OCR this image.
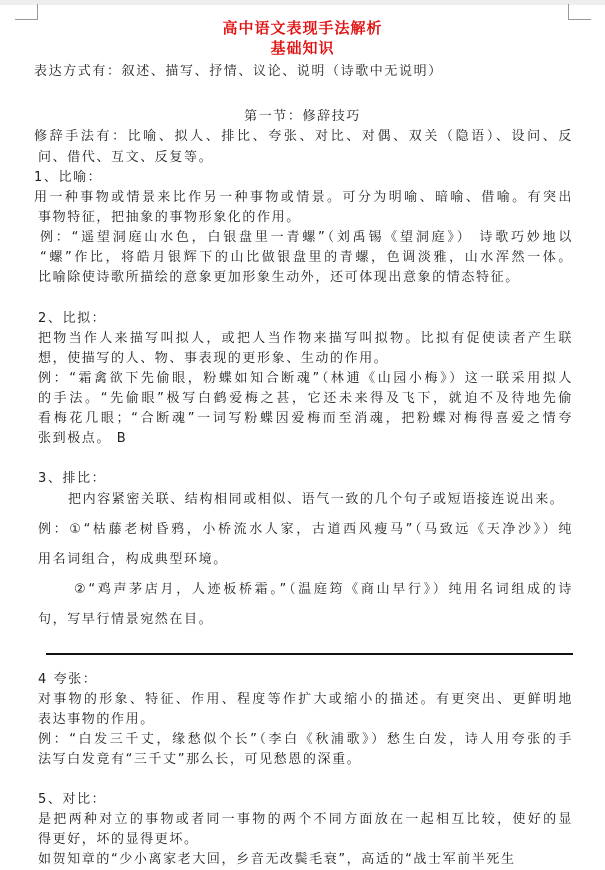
高中语文表现手法解析
基础知识
表达方式有：叙述、描写、抒情、议论、说明（诗歌中无说明）
第一节：修辞技巧
修辞手法有：比喻、拟人、排比、夸张、对比、对偶、双关（隐语）、设问、反
问、借代、互文、反复等。
1、比喻：
用一种事物或情景来比作另一种事物或情景。可分为明喻、暗喻、借喻。有突出
事物特征，把抽象的事物形象化的作用。
例：“遥望洞庭山水色，白银盘里一青螺”（刘禹锡《望洞庭》） 诗歌巧妙地以
“螺”作比，将皓月银辉下的山比做银盘里的青螺，色调淡雅，山水浑然一体。
比喻除使诗歌所描绘的意象更加形象生动外，还可体现出意象的情态特征。
2、比拟：
把物当作人来描写叫拟人，或把人当作物来描写叫拟物。比拟有促使读者产生联
想，使描写的人、物、事表现的更形象、生动的作用。
例：“霜禽欲下先偷眼，粉蝶如知合断魂”（林逋《山园小梅》）这一联采用拟人
的手法。“先偷眼”极写白鹤爱梅之甚，它还未来得及飞下，就迫不及待地先偷
看梅花几眼；“合断魂”一词写粉蝶因爱梅而至消魂，把粉蝶对梅得喜爱之情夸
张到极点。 B
3、排比：
把内容紧密关联、结构相同或相似、语气一致的几个句子或短语接连说出来。
例：①“枯藤老树昏鸦，小桥流水人家，古道西风瘦马”（马致远《天净沙》）纯
用名词组合，构成典型环境。
②“鸡声茅店月，人迹板桥霜。”（温庭筠《商山早行》）纯用名词组成的诗
句，写早行情景宛然在目。
4 夸张：
对事物的形象、特征、作用、程度等作扩大或缩小的描述。有更突出、更鲜明地
表达事物的作用。
例：“白发三千丈，缘愁似个长”（李白《秋浦歌》）愁生白发，诗人用夸张的手
法写白发竟有“三千丈”那么长，可见愁恩的深重。
5、对比：
是把两种对立的事物或者同一事物的两个不同方面放在一起相互比较，使好的显
得更好，坏的显得更坏。
如贺知章的“少小离家老大回，乡音无改鬓毛衰”，高适的“战士军前半死生
